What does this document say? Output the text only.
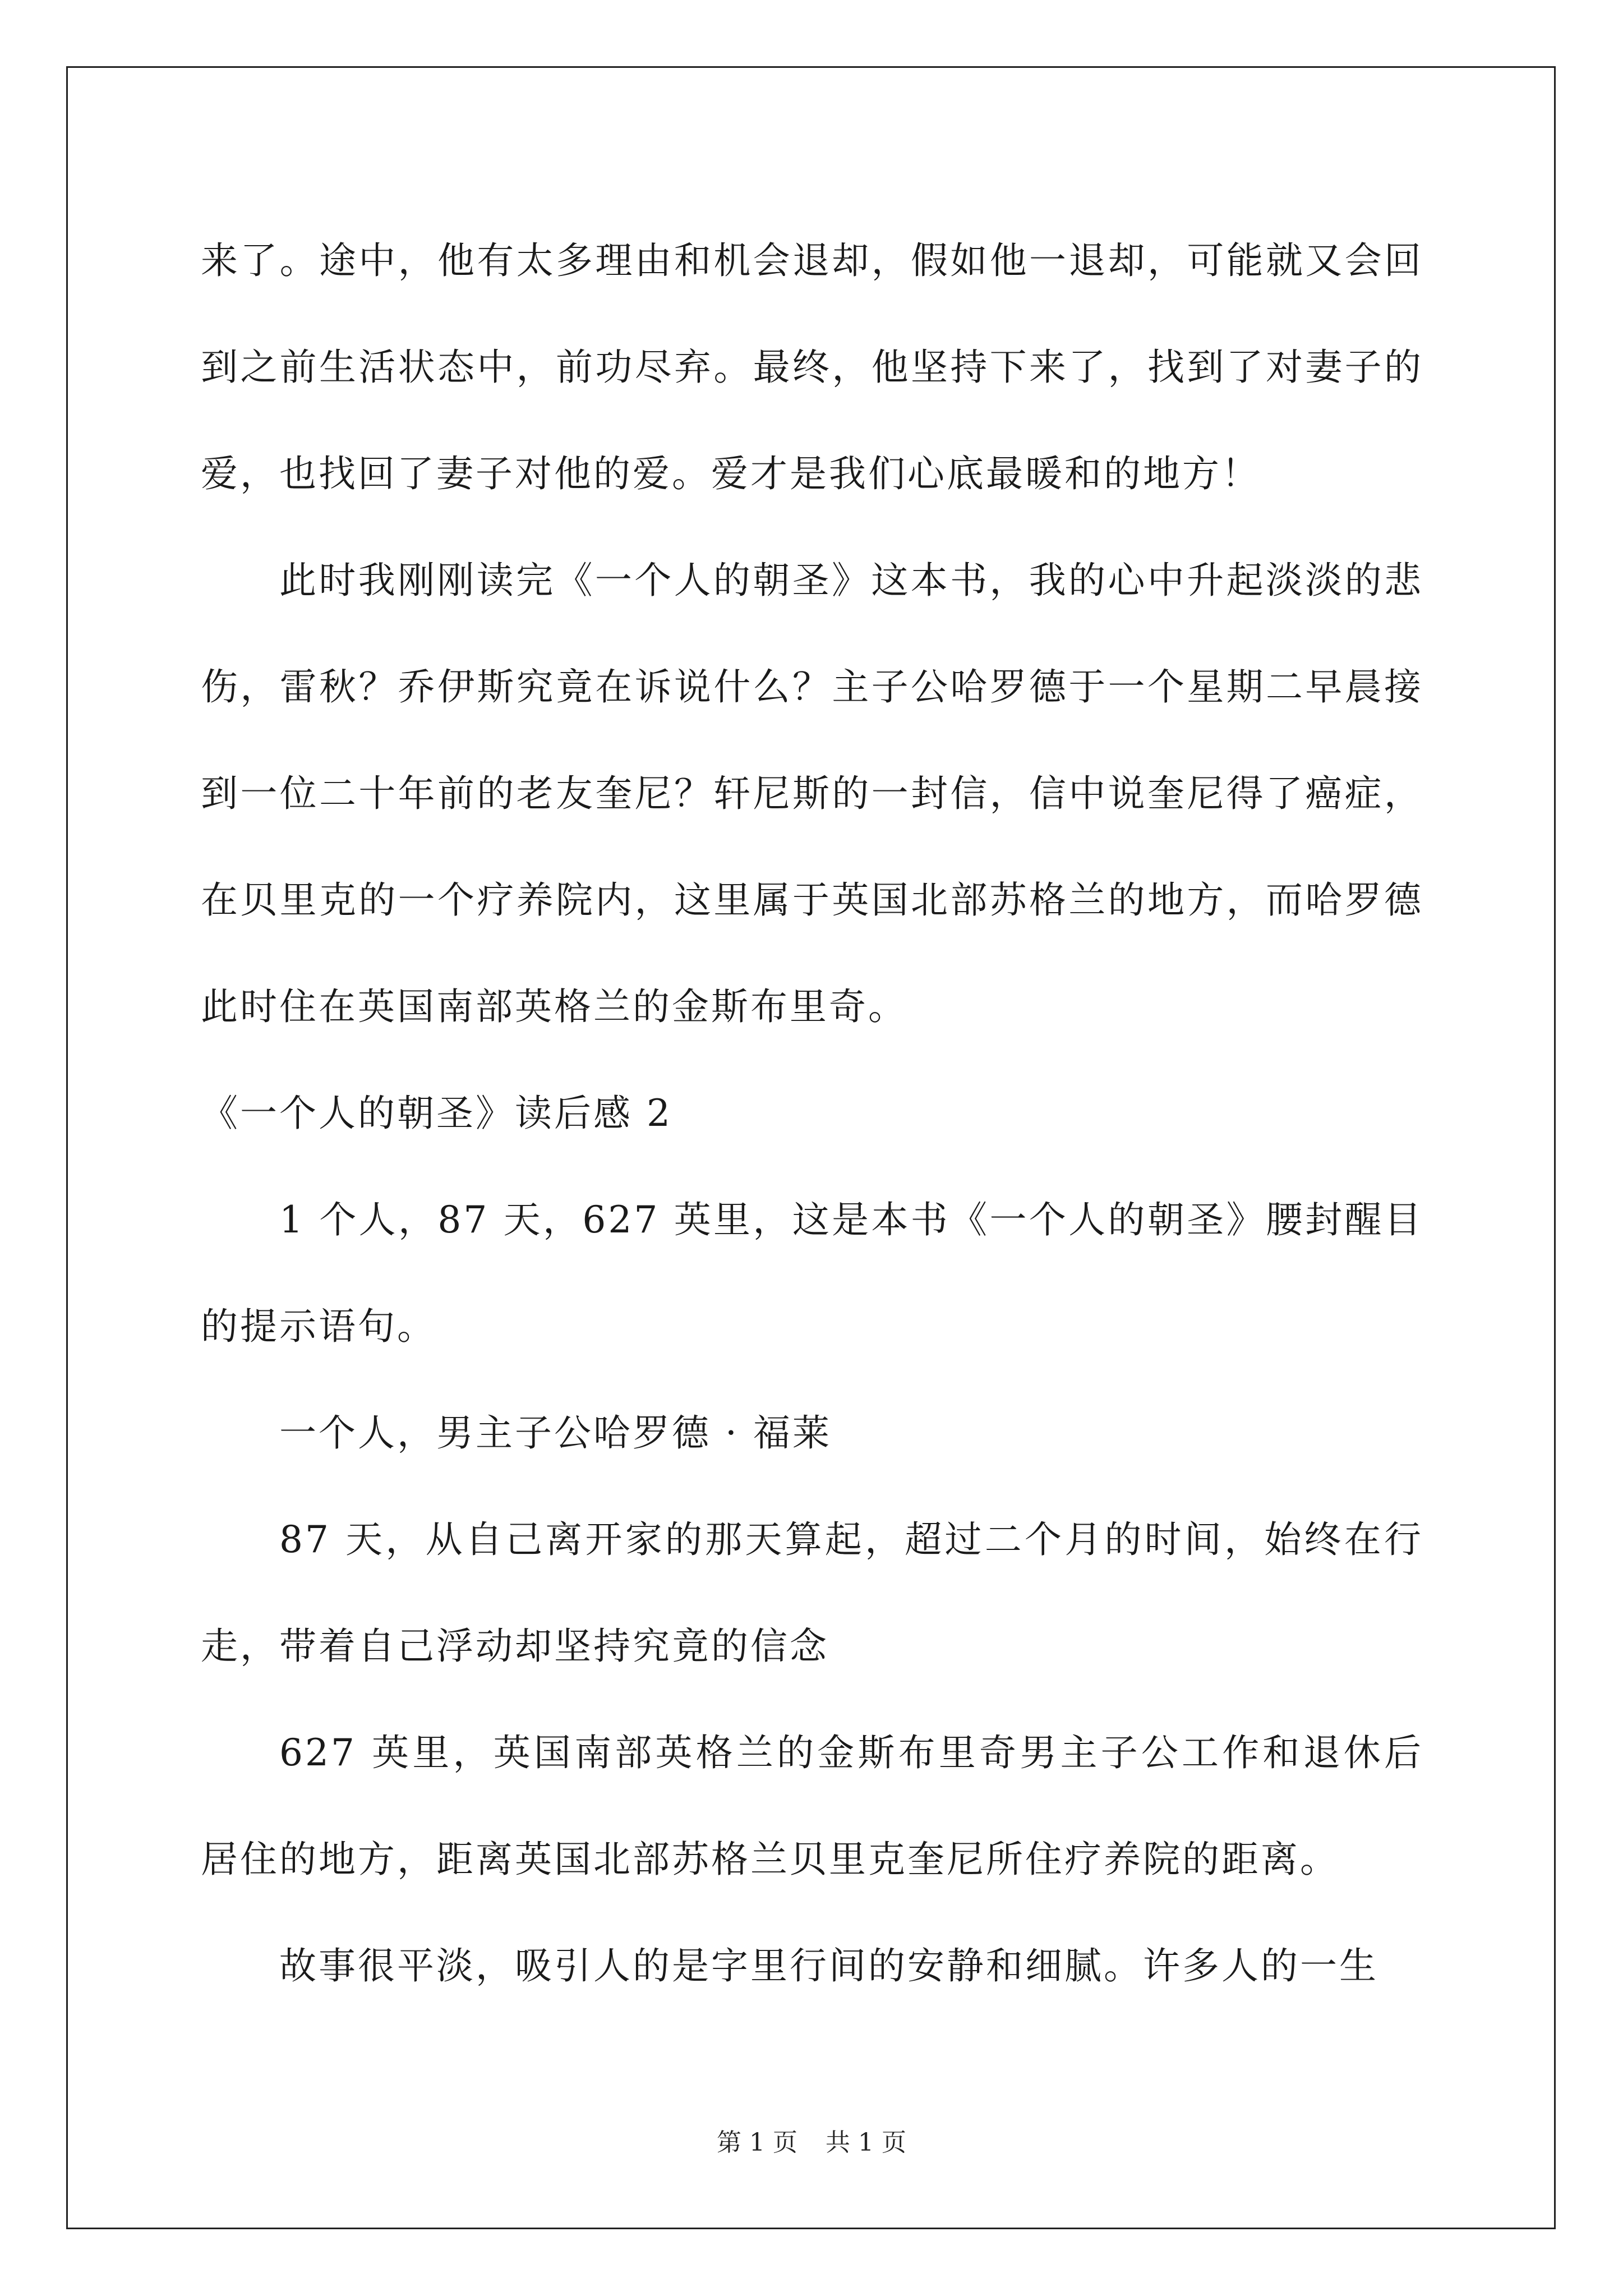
来了。途中，他有太多理由和机会退却，假如他一退却，可能就又会回到之前生活状态中，前功尽弃。最终，他坚持下来了，找到了对妻子的爱，也找回了妻子对他的爱。爱才是我们心底最暖和的地方！

此时我刚刚读完《一个人的朝圣》这本书，我的心中升起淡淡的悲伤，雷秋？乔伊斯究竟在诉说什么？主子公哈罗德于一个星期二早晨接到一位二十年前的老友奎尼？轩尼斯的一封信，信中说奎尼得了癌症，在贝里克的一个疗养院内，这里属于英国北部苏格兰的地方，而哈罗德此时住在英国南部英格兰的金斯布里奇。

《一个人的朝圣》读后感 2

1 个人，87 天，627 英里，这是本书《一个人的朝圣》腰封醒目的提示语句。

一个人，男主子公哈罗德 · 福莱

87 天，从自己离开家的那天算起，超过二个月的时间，始终在行走，带着自己浮动却坚持究竟的信念

627 英里，英国南部英格兰的金斯布里奇男主子公工作和退休后居住的地方，距离英国北部苏格兰贝里克奎尼所住疗养院的距离。

故事很平淡，吸引人的是字里行间的安静和细腻。许多人的一生

第 1 页 共 1 页
